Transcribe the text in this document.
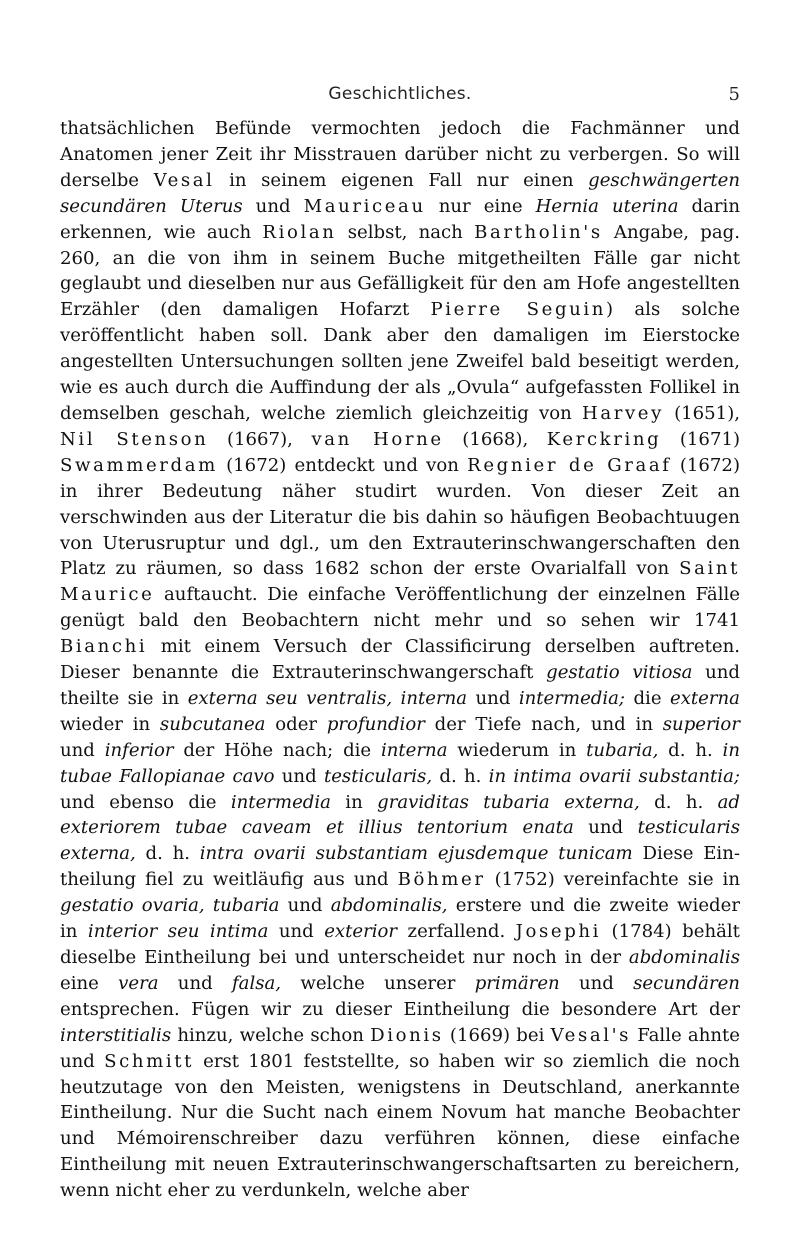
Geschichtliches.	5

thatsächlichen Befünde vermochten jedoch die Fachmänner und Anatomen jener Zeit ihr Misstrauen darüber nicht zu verbergen. So will derselbe Vesal in seinem eigenen Fall nur einen geschwängerten secundären Uterus und Mauriceau nur eine Hernia uterina darin erkennen, wie auch Riolan selbst, nach Bartholin's Angabe, pag. 260, an die von ihm in seinem Buche mitgetheilten Fälle gar nicht geglaubt und dieselben nur aus Gefälligkeit für den am Hofe angestellten Erzähler (den damaligen Hofarzt Pierre Seguin) als solche veröffentlicht haben soll. Dank aber den damaligen im Eierstocke angestellten Untersuchungen sollten jene Zweifel bald beseitigt werden, wie es auch durch die Auffindung der als „Ovula“ aufgefassten Follikel in demselben geschah, welche ziemlich gleichzeitig von Harvey (1651), Nil Stenson (1667), van Horne (1668), Kerckring (1671) Swammerdam (1672) entdeckt und von Regnier de Graaf (1672) in ihrer Bedeutung näher studirt wurden. Von dieser Zeit an verschwinden aus der Literatur die bis dahin so häufigen Beobachtuugen von Uterusruptur und dgl., um den Extrauterinschwangerschaften den Platz zu räumen, so dass 1682 schon der erste Ovarialfall von Saint Maurice auftaucht. Die einfache Veröffentlichung der einzelnen Fälle genügt bald den Beobachtern nicht mehr und so sehen wir 1741 Bianchi mit einem Versuch der Classificirung derselben auftreten. Dieser benannte die Extrauterinschwangerschaft gestatio vitiosa und theilte sie in externa seu ventralis, interna und intermedia; die externa wieder in subcutanea oder profundior der Tiefe nach, und in superior und inferior der Höhe nach; die interna wiederum in tubaria, d. h. in tubae Fallopianae cavo und testicularis, d. h. in intima ovarii substantia; und ebenso die intermedia in graviditas tubaria externa, d. h. ad exteriorem tubae caveam et illius tentorium enata und testicularis externa, d. h. intra ovarii substantiam ejusdemque tunicam Diese Eintheilung fiel zu weitläufig aus und Böhmer (1752) vereinfachte sie in gestatio ovaria, tubaria und abdominalis, erstere und die zweite wieder in interior seu intima und exterior zerfallend. Josephi (1784) behält dieselbe Eintheilung bei und unterscheidet nur noch in der abdominalis eine vera und falsa, welche unserer primären und secundären entsprechen. Fügen wir zu dieser Eintheilung die besondere Art der interstitialis hinzu, welche schon Dionis (1669) bei Vesal's Falle ahnte und Schmitt erst 1801 feststellte, so haben wir so ziemlich die noch heutzutage von den Meisten, wenigstens in Deutschland, anerkannte Eintheilung. Nur die Sucht nach einem Novum hat manche Beobachter und Mémoirenschreiber dazu verführen können, diese einfache Eintheilung mit neuen Extrauterinschwangerschaftsarten zu bereichern, wenn nicht eher zu verdunkeln, welche aber
